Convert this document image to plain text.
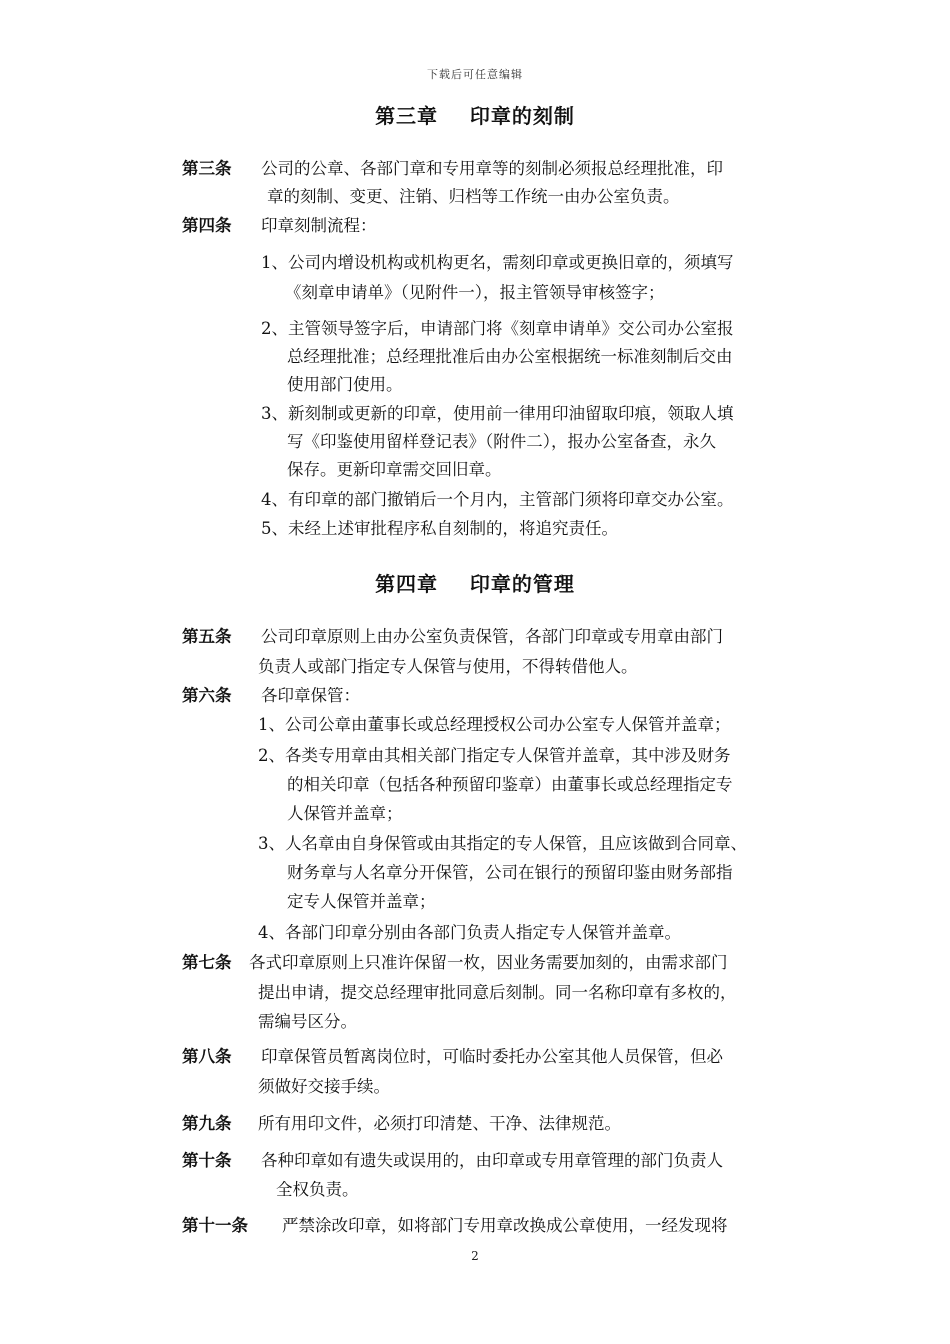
下载后可任意编辑
第三章    印章的刻制
第三条 公司的公章、各部门章和专用章等的刻制必须报总经理批准，印
章的刻制、变更、注销、归档等工作统一由办公室负责。
第四条 印章刻制流程：
1、公司内增设机构或机构更名，需刻印章或更换旧章的，须填写
《刻章申请单》（见附件一），报主管领导审核签字；
2、主管领导签字后，申请部门将《刻章申请单》交公司办公室报
总经理批准；总经理批准后由办公室根据统一标准刻制后交由
使用部门使用。
3、新刻制或更新的印章，使用前一律用印油留取印痕，领取人填
写《印鉴使用留样登记表》（附件二），报办公室备查，永久
保存。更新印章需交回旧章。
4、有印章的部门撤销后一个月内，主管部门须将印章交办公室。
5、未经上述审批程序私自刻制的，将追究责任。
第四章    印章的管理
第五条 公司印章原则上由办公室负责保管，各部门印章或专用章由部门
负责人或部门指定专人保管与使用，不得转借他人。
第六条 各印章保管：
1、公司公章由董事长或总经理授权公司办公室专人保管并盖章；
2、各类专用章由其相关部门指定专人保管并盖章，其中涉及财务
的相关印章（包括各种预留印鉴章）由董事长或总经理指定专
人保管并盖章；
3、人名章由自身保管或由其指定的专人保管，且应该做到合同章、
财务章与人名章分开保管，公司在银行的预留印鉴由财务部指
定专人保管并盖章；
4、各部门印章分别由各部门负责人指定专人保管并盖章。
第七条 各式印章原则上只准许保留一枚，因业务需要加刻的，由需求部门
提出申请，提交总经理审批同意后刻制。同一名称印章有多枚的，
需编号区分。
第八条 印章保管员暂离岗位时，可临时委托办公室其他人员保管，但必
须做好交接手续。
第九条 所有用印文件，必须打印清楚、干净、法律规范。
第十条 各种印章如有遗失或误用的，由印章或专用章管理的部门负责人
全权负责。
第十一条 严禁涂改印章，如将部门专用章改换成公章使用，一经发现将
2
